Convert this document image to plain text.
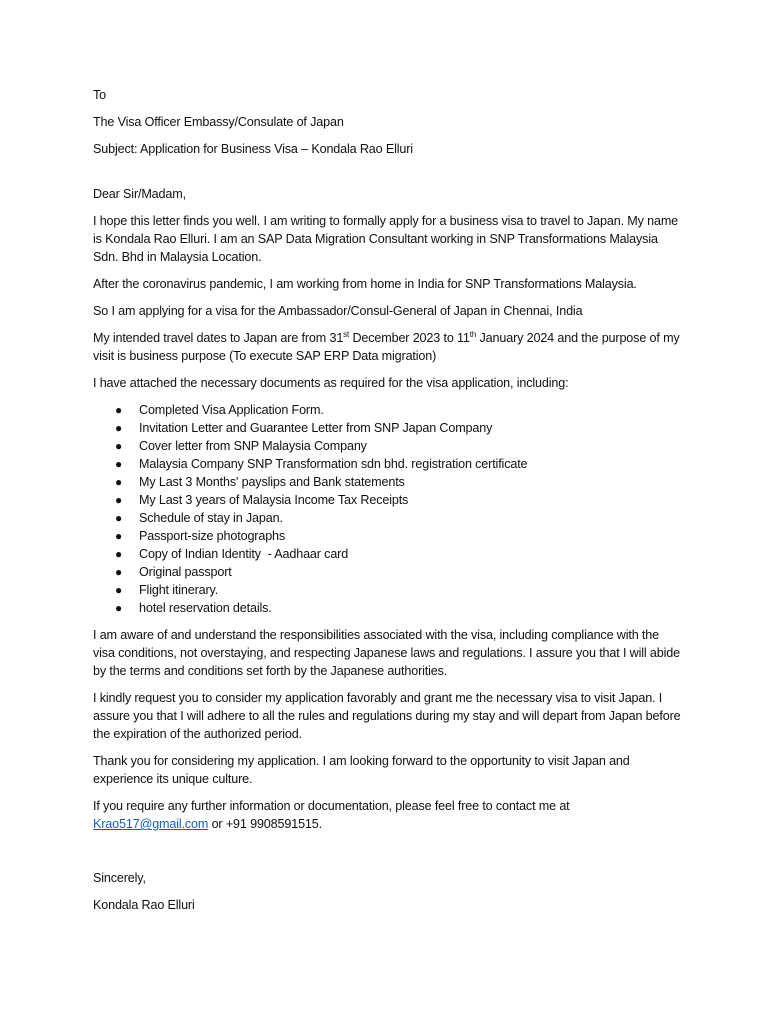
To

The Visa Officer Embassy/Consulate of Japan

Subject: Application for Business Visa – Kondala Rao Elluri

Dear Sir/Madam,

I hope this letter finds you well. I am writing to formally apply for a business visa to travel to Japan. My name is Kondala Rao Elluri. I am an SAP Data Migration Consultant working in SNP Transformations Malaysia Sdn. Bhd in Malaysia Location.

After the coronavirus pandemic, I am working from home in India for SNP Transformations Malaysia.

So I am applying for a visa for the Ambassador/Consul-General of Japan in Chennai, India

My intended travel dates to Japan are from 31st December 2023 to 11th January 2024 and the purpose of my visit is business purpose (To execute SAP ERP Data migration)

I have attached the necessary documents as required for the visa application, including:

● Completed Visa Application Form.
● Invitation Letter and Guarantee Letter from SNP Japan Company
● Cover letter from SNP Malaysia Company
● Malaysia Company SNP Transformation sdn bhd. registration certificate
● My Last 3 Months' payslips and Bank statements
● My Last 3 years of Malaysia Income Tax Receipts
● Schedule of stay in Japan.
● Passport-size photographs
● Copy of Indian Identity  - Aadhaar card
● Original passport
● Flight itinerary.
● hotel reservation details.

I am aware of and understand the responsibilities associated with the visa, including compliance with the visa conditions, not overstaying, and respecting Japanese laws and regulations. I assure you that I will abide by the terms and conditions set forth by the Japanese authorities.

I kindly request you to consider my application favorably and grant me the necessary visa to visit Japan. I assure you that I will adhere to all the rules and regulations during my stay and will depart from Japan before the expiration of the authorized period.

Thank you for considering my application. I am looking forward to the opportunity to visit Japan and experience its unique culture.

If you require any further information or documentation, please feel free to contact me at
Krao517@gmail.com or +91 9908591515.

Sincerely,

Kondala Rao Elluri
